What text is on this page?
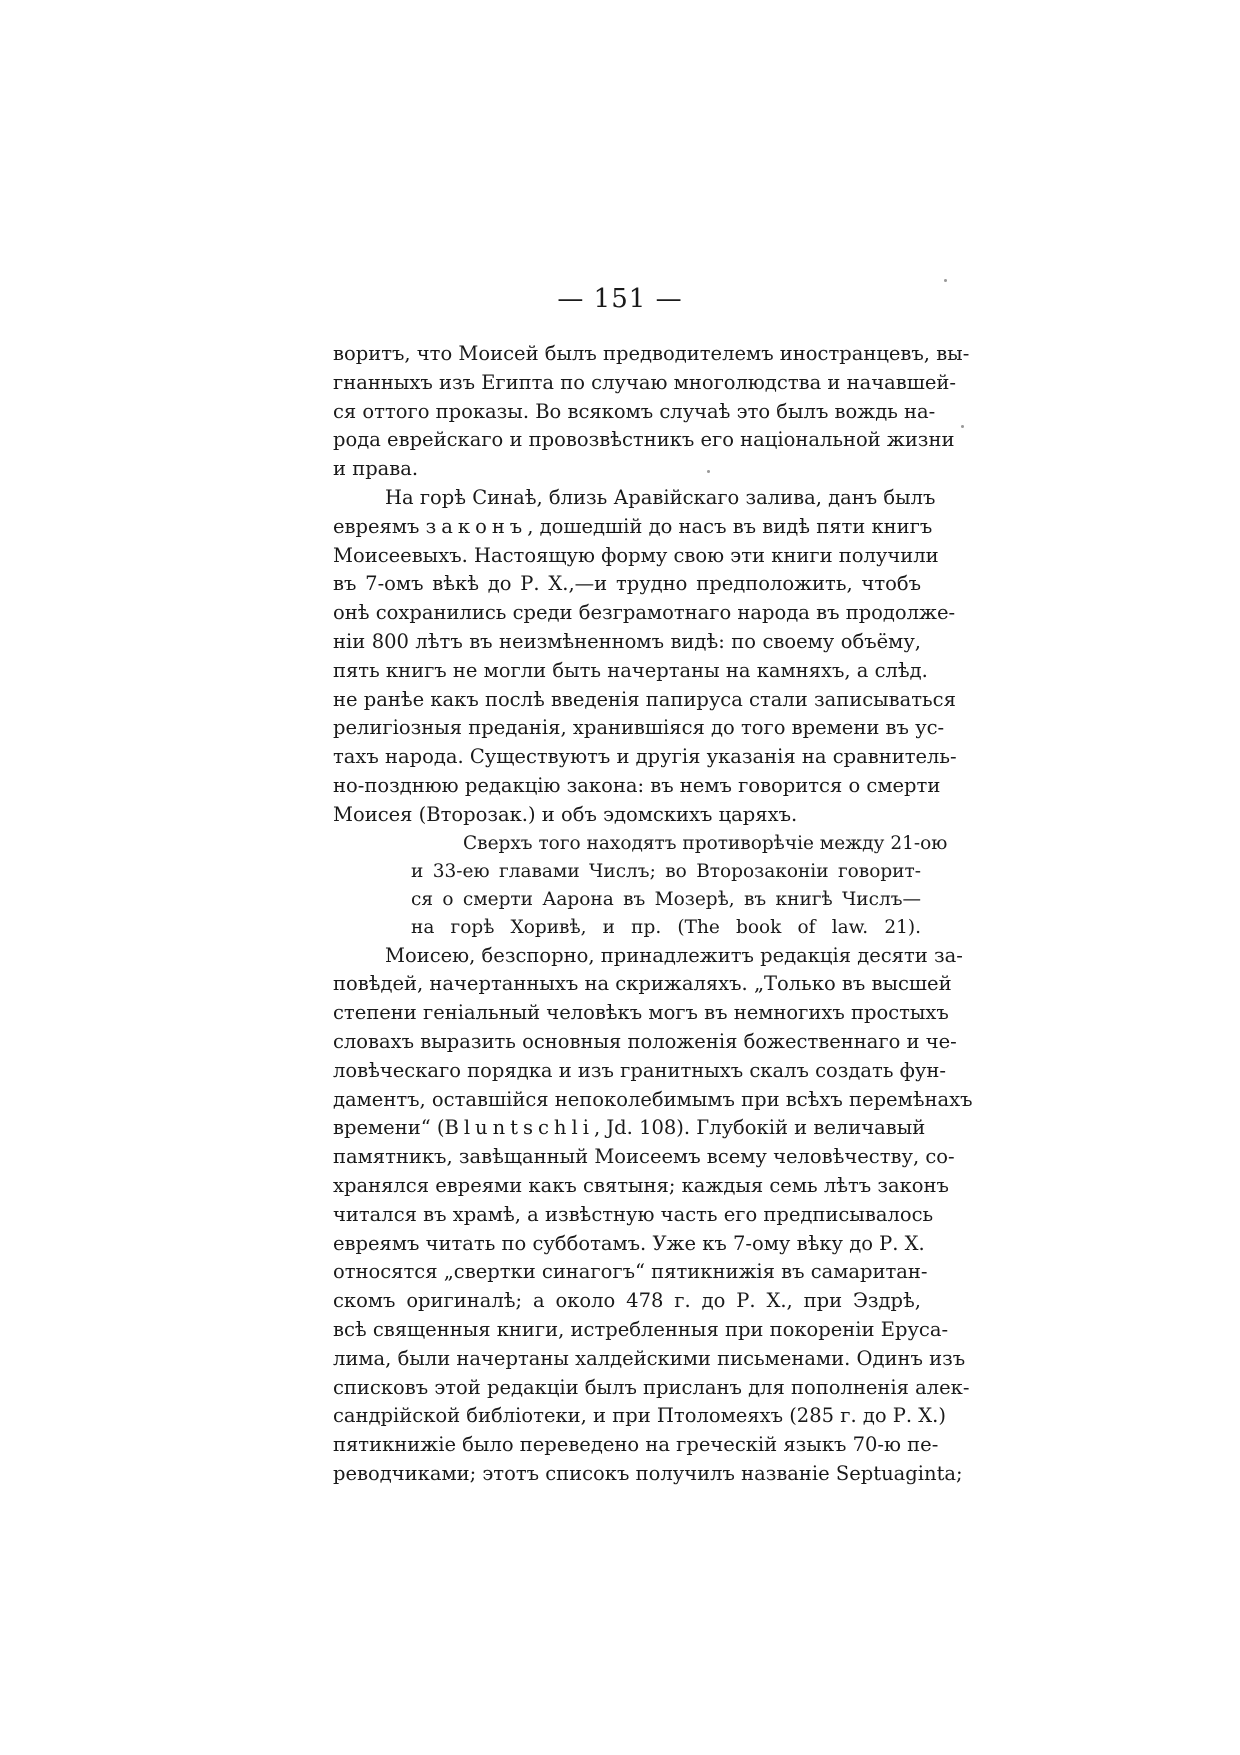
— 151 —
воритъ, что Моисей былъ предводителемъ иностранцевъ, вы-
гнанныхъ изъ Египта по случаю многолюдства и начавшей-
ся оттого проказы. Во всякомъ случаѣ это былъ вождь на-
рода еврейскаго и провозвѣстникъ его національной жизни
и права.
На горѣ Синаѣ, близь Аравійскаго залива, данъ былъ
евреямъ законъ, дошедшій до насъ въ видѣ пяти книгъ
Моисеевыхъ. Настоящую форму свою эти книги получили
въ 7-омъ вѣкѣ до Р. Х.,—и трудно предположить, чтобъ
онѣ сохранились среди безграмотнаго народа въ продолже-
ніи 800 лѣтъ въ неизмѣненномъ видѣ: по своему объёму,
пять книгъ не могли быть начертаны на камняхъ, а слѣд.
не ранѣе какъ послѣ введенія папируса стали записываться
религіозныя преданія, хранившіяся до того времени въ ус-
тахъ народа. Существуютъ и другія указанія на сравнитель-
но-позднюю редакцію закона: въ немъ говорится о смерти
Моисея (Второзак.) и объ эдомскихъ царяхъ.
Сверхъ того находятъ противорѣчіе между 21-ою
и 33-ею главами Числъ; во Второзаконіи говорит-
ся о смерти Аарона въ Мозерѣ, въ книгѣ Числъ—
на горѣ Хоривѣ, и пр. (The book of law. 21).
Моисею, безспорно, принадлежитъ редакція десяти за-
повѣдей, начертанныхъ на скрижаляхъ. „Только въ высшей
степени геніальный человѣкъ могъ въ немногихъ простыхъ
словахъ выразить основныя положенія божественнаго и че-
ловѣческаго порядка и изъ гранитныхъ скалъ создать фун-
даментъ, оставшійся непоколебимымъ при всѣхъ перемѣнахъ
времени“ (Bluntschli, Jd. 108). Глубокій и величавый
памятникъ, завѣщанный Моисеемъ всему человѣчеству, со-
хранялся евреями какъ святыня; каждыя семь лѣтъ законъ
читался въ храмѣ, а извѣстную часть его предписывалось
евреямъ читать по субботамъ. Уже къ 7-ому вѣку до Р. Х.
относятся „свертки синагогъ“ пятикнижія въ самаритан-
скомъ оригиналѣ; а около 478 г. до Р. Х., при Эздрѣ,
всѣ священныя книги, истребленныя при покореніи Еруса-
лима, были начертаны халдейскими письменами. Одинъ изъ
списковъ этой редакціи былъ присланъ для пополненія алек-
сандрійской библіотеки, и при Птоломеяхъ (285 г. до Р. Х.)
пятикнижіе было переведено на греческій языкъ 70-ю пе-
реводчиками; этотъ списокъ получилъ названіе Septuaginta;
